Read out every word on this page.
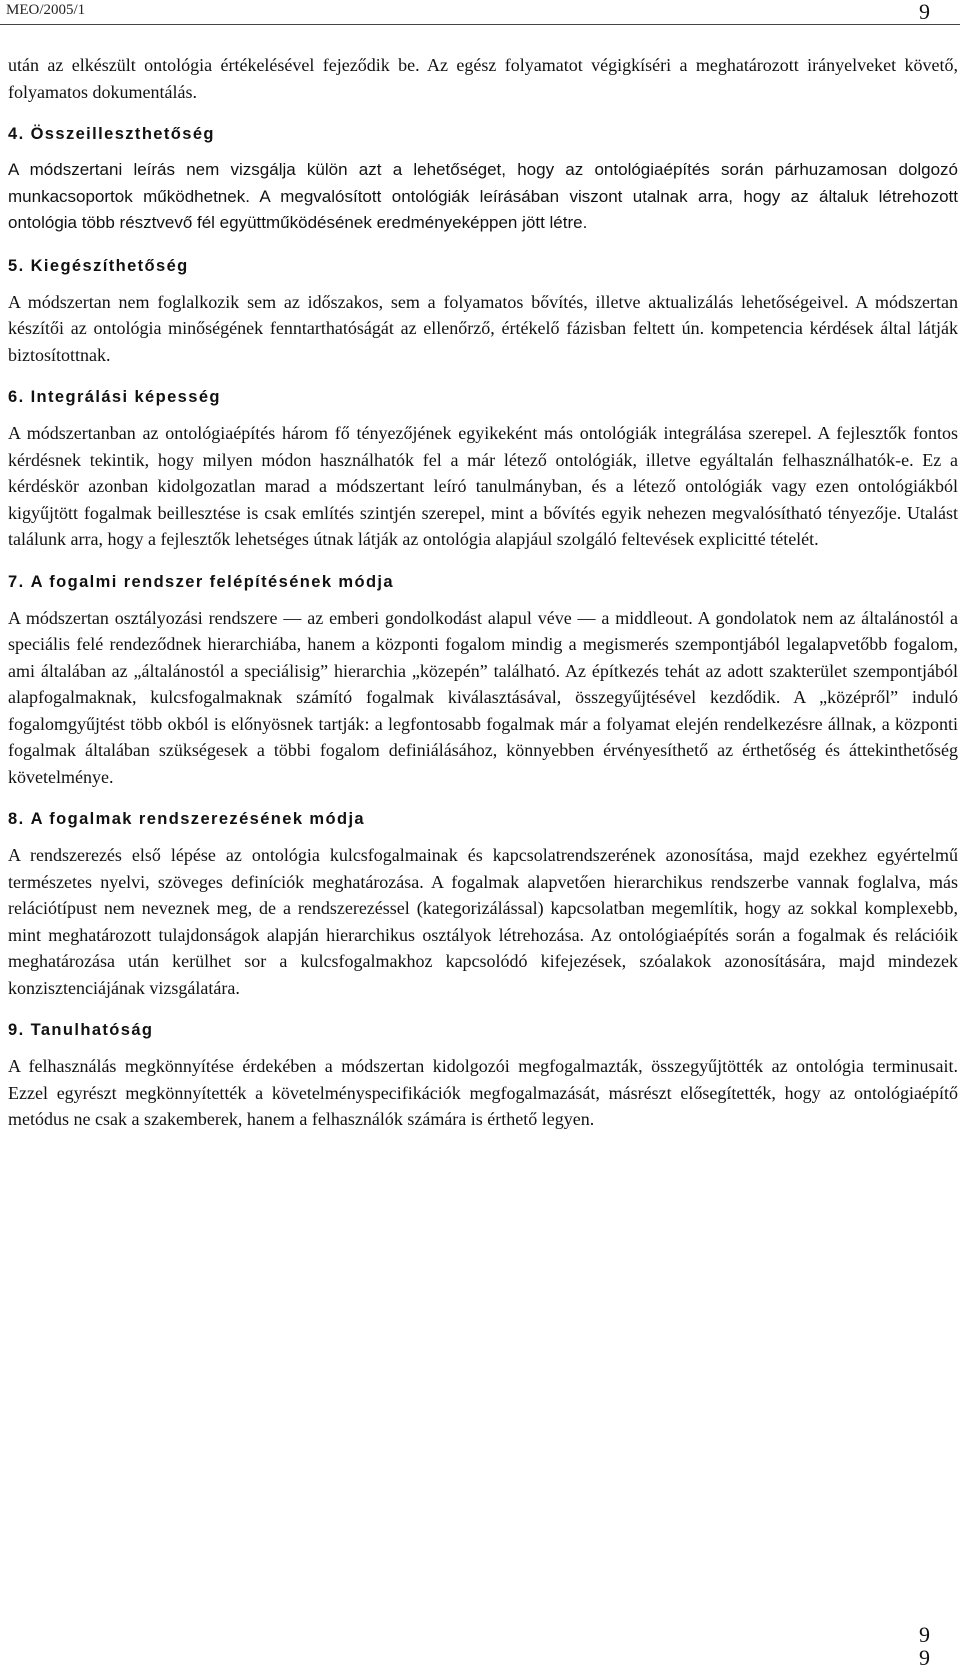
MEO/2005/1	9

után az elkészült ontológia értékelésével fejeződik be. Az egész folyamatot végigkíséri a meghatározott irányelveket követő, folyamatos dokumentálás.

4. Összeilleszthetőség

A módszertani leírás nem vizsgálja külön azt a lehetőséget, hogy az ontológiaépítés során párhuzamosan dolgozó munkacsoportok működhetnek. A megvalósított ontológiák leírásában viszont utalnak arra, hogy az általuk létrehozott ontológia több résztvevő fél együttműködésének eredményeképpen jött létre.

5. Kiegészíthetőség

A módszertan nem foglalkozik sem az időszakos, sem a folyamatos bővítés, illetve aktualizálás lehetőségeivel. A módszertan készítői az ontológia minőségének fenntarthatóságát az ellenőrző, értékelő fázisban feltett ún. kompetencia kérdések által látják biztosítottnak.

6. Integrálási képesség

A módszertanban az ontológiaépítés három fő tényezőjének egyikeként más ontológiák integrálása szerepel. A fejlesztők fontos kérdésnek tekintik, hogy milyen módon használhatók fel a már létező ontológiák, illetve egyáltalán felhasználhatók-e. Ez a kérdéskör azonban kidolgozatlan marad a módszertant leíró tanulmányban, és a létező ontológiák vagy ezen ontológiákból kigyűjtött fogalmak beillesztése is csak említés szintjén szerepel, mint a bővítés egyik nehezen megvalósítható tényezője. Utalást találunk arra, hogy a fejlesztők lehetséges útnak látják az ontológia alapjául szolgáló feltevések explicitté tételét.

7. A fogalmi rendszer felépítésének módja

A módszertan osztályozási rendszere — az emberi gondolkodást alapul véve — a middleout. A gondolatok nem az általánostól a speciális felé rendeződnek hierarchiába, hanem a központi fogalom mindig a megismerés szempontjából legalapvetőbb fogalom, ami általában az „általánostól a speciálisig” hierarchia „közepén” található. Az építkezés tehát az adott szakterület szempontjából alapfogalmaknak, kulcsfogalmaknak számító fogalmak kiválasztásával, összegyűjtésével kezdődik. A „középről” induló fogalomgyűjtést több okból is előnyösnek tartják: a legfontosabb fogalmak már a folyamat elején rendelkezésre állnak, a központi fogalmak általában szükségesek a többi fogalom definiálásához, könnyebben érvényesíthető az érthetőség és áttekinthetőség követelménye.

8. A fogalmak rendszerezésének módja

A rendszerezés első lépése az ontológia kulcsfogalmainak és kapcsolatrendszerének azonosítása, majd ezekhez egyértelmű természetes nyelvi, szöveges definíciók meghatározása. A fogalmak alapvetően hierarchikus rendszerbe vannak foglalva, más relációtípust nem neveznek meg, de a rendszerezéssel (kategorizálással) kapcsolatban megemlítik, hogy az sokkal komplexebb, mint meghatározott tulajdonságok alapján hierarchikus osztályok létrehozása. Az ontológiaépítés során a fogalmak és relációik meghatározása után kerülhet sor a kulcsfogalmakhoz kapcsolódó kifejezések, szóalakok azonosítására, majd mindezek konzisztenciájának vizsgálatára.

9. Tanulhatóság

A felhasználás megkönnyítése érdekében a módszertan kidolgozói megfogalmazták, összegyűjtötték az ontológia terminusait. Ezzel egyrészt megkönnyítették a követelményspecifikációk megfogalmazását, másrészt elősegítették, hogy az ontológiaépítő metódus ne csak a szakemberek, hanem a felhasználók számára is érthető legyen.

9
9
